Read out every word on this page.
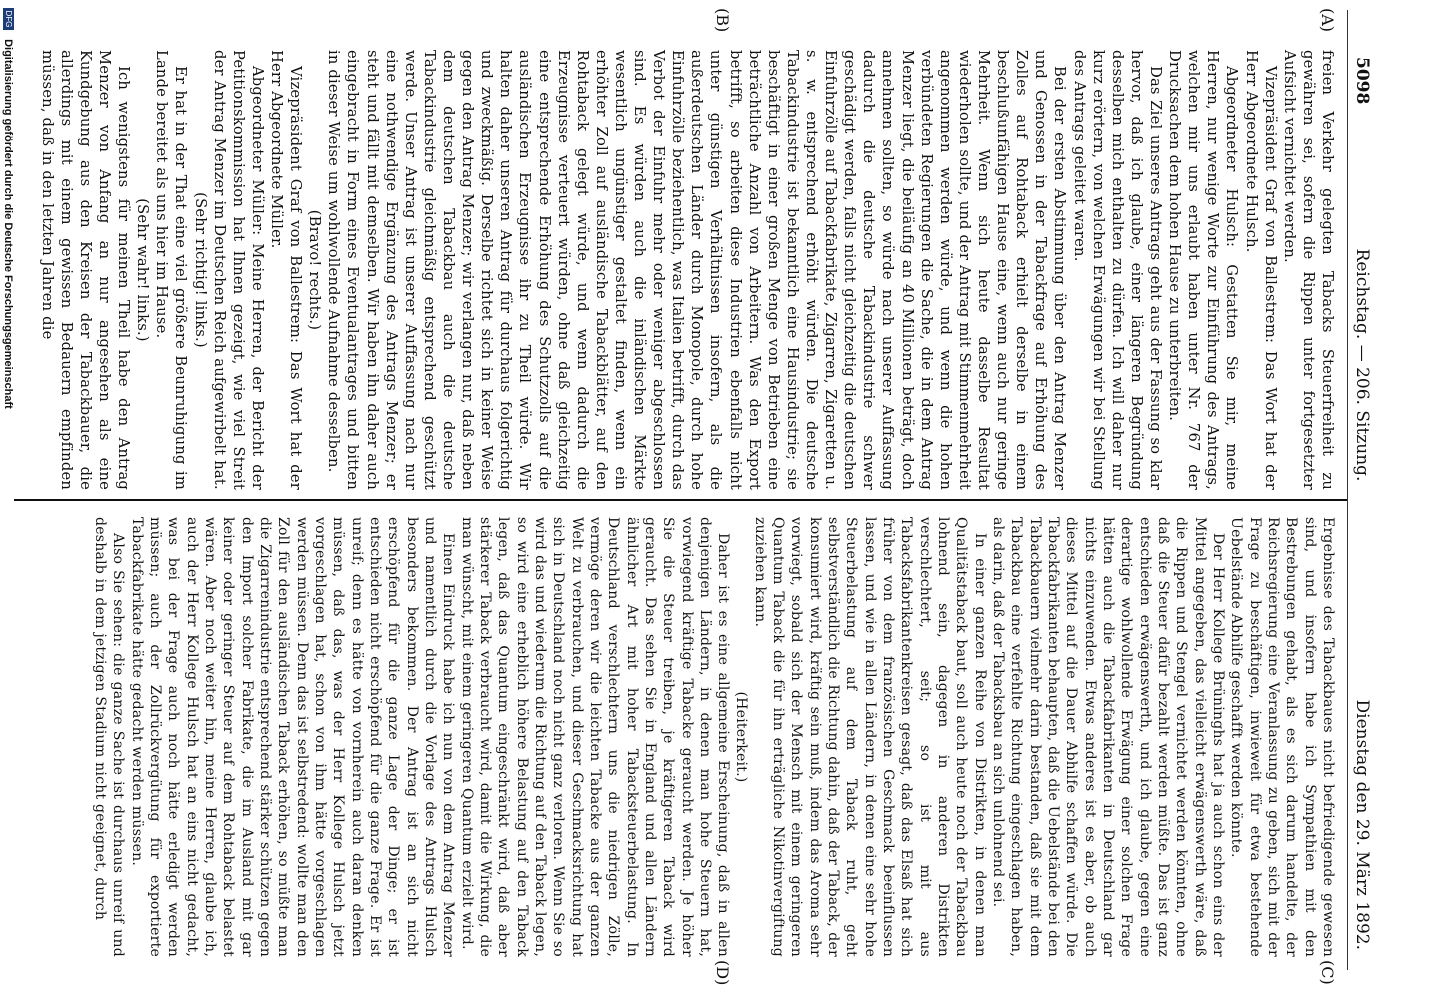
5098
Reichstag. — 206. Sitzung.
Dienstag den 29. März 1892.
(A)
(B)
(C)
(D)

freien Verkehr gelegten Tabacks Steuerfreiheit zu gewähren sei, sofern die Rippen unter fortgesetzter Aufsicht vernichtet werden.

Vizepräsident Graf von Ballestrem: Das Wort hat der Herr Abgeordnete Hulsch.

Abgeordneter Hulsch: Gestatten Sie mir, meine Herren, nur wenige Worte zur Einführung des Antrags, welchen mir uns erlaubt haben unter Nr. 767 der Drucksachen dem hohen Hause zu unterbreiten.

Das Ziel unseres Antrags geht aus der Fassung so klar hervor, daß ich glaube, einer längeren Begründung desselben mich enthalten zu dürfen. Ich will daher nur kurz erörtern, von welchen Erwägungen wir bei Stellung des Antrags geleitet waren.

Bei der ersten Abstimmung über den Antrag Menzer und Genossen in der Tabackfrage auf Erhöhung des Zolles auf Rohtaback erhielt derselbe in einem beschlußunfähigen Hause eine, wenn auch nur geringe Mehrheit. Wenn sich heute dasselbe Resultat wiederholen sollte, und der Antrag mit Stimmenmehrheit angenommen werden würde, und wenn die hohen verbündeten Regierungen die Sache, die in dem Antrag Menzer liegt, die beiläufig an 40 Millionen beträgt, doch annehmen sollten, so würde nach unserer Auffassung dadurch die deutsche Tabackindustrie schwer geschädigt werden, falls nicht gleichzeitig die deutschen Einfuhrzölle auf Tabackfabrikate, Zigarren, Zigaretten u. s. w. entsprechend erhöht würden. Die deutsche Tabackindustrie ist bekanntlich eine Hausindustrie; sie beschäftigt in einer großen Menge von Betrieben eine beträchtliche Anzahl von Arbeitern. Was den Export betrifft, so arbeiten diese Industrien ebenfalls nicht unter günstigen Verhältnissen insofern, als die außerdeutschen Länder durch Monopole, durch hohe Einfuhrzölle beziehentlich, was Italien betrifft, durch das Verbot der Einfuhr mehr oder weniger abgeschlossen sind. Es würden auch die inländischen Märkte wesentlich ungünstiger gestaltet finden, wenn ein erhöhter Zoll auf ausländische Tabackblätter, auf den Rohtaback gelegt würde, und wenn dadurch die Erzeugnisse verteuert würden, ohne daß gleichzeitig eine entsprechende Erhöhung des Schutzzolls auf die ausländischen Erzeugnisse ihr zu Theil würde. Wir halten daher unseren Antrag für durchaus folgerichtig und zweckmäßig. Derselbe richtet sich in keiner Weise gegen den Antrag Menzer; wir verlangen nur, daß neben dem deutschen Tabackbau auch die deutsche Tabackindustrie gleichmäßig entsprechend geschützt werde. Unser Antrag ist unserer Auffassung nach nur eine nothwendige Ergänzung des Antrags Menzer; er steht und fällt mit demselben. Wir haben ihn daher auch eingebracht in Form eines Eventualantrages und bitten in dieser Weise um wohlwollende Aufnahme desselben.

(Bravo! rechts.)

Vizepräsident Graf von Ballestrem: Das Wort hat der Herr Abgeordnete Müller.

Abgeordneter Müller: Meine Herren, der Bericht der Petitionskommission hat Ihnen gezeigt, wie viel Streit der Antrag Menzer im Deutschen Reich aufgewirbelt hat.

(Sehr richtig! links.)

Er hat in der That eine viel größere Beunruhigung im Lande bereitet als uns hier im Hause.

(Sehr wahr! links.)

Ich wenigstens für meinen Theil habe den Antrag Menzer von Anfang an nur angesehen als eine Kundgebung aus den Kreisen der Tabackbauer, die allerdings mit einem gewissen Bedauern empfinden müssen, daß in den letzten Jahren die

Ergebnisse des Tabackbaues nicht befriedigende gewesen sind, und insofern habe ich Sympathien mit den Bestrebungen gehabt, als es sich darum handelte, der Reichsregierung eine Veranlassung zu geben, sich mit der Frage zu beschäftigen, inwieweit für etwa bestehende Uebelstände Abhilfe geschafft werden könnte.

Der Herr Kollege Brüninghs hat ja auch schon eins der Mittel angegeben, das vielleicht erwägenswerth wäre, daß die Rippen und Stengel vernichtet werden könnten, ohne daß die Steuer dafür bezahlt werden müßte. Das ist ganz entschieden erwägenswerth, und ich glaube, gegen eine derartige wohlwollende Erwägung einer solchen Frage hätten auch die Tabackfabrikanten in Deutschland gar nichts einzuwenden. Etwas anderes ist es aber, ob auch dieses Mittel auf die Dauer Abhilfe schaffen würde. Die Tabackfabrikanten behaupten, daß die Uebelstände bei den Tabackbauern vielmehr darin bestanden, daß sie mit dem Tabackbau eine verfehlte Richtung eingeschlagen haben, als darin, daß der Tabacksbau an sich unlohnend sei.

In einer ganzen Reihe von Distrikten, in denen man Qualitätstaback baut, soll auch heute noch der Tabackbau lohnend sein, dagegen in anderen Distrikten verschlechtert, seit; so ist mit aus Tabacksfabrikantenkreisen gesagt, daß das Elsaß hat sich früher von dem französischen Geschmack beeinflussen lassen, und wie in allen Ländern, in denen eine sehr hohe Steuerbelastung auf dem Taback ruht, geht selbstverständlich die Richtung dahin, daß der Taback, der konsumiert wird, kräftig sein muß, indem das Aroma sehr vorwiegt, sobald sich der Mensch mit einem geringeren Quantum Taback die für ihn erträgliche Nikotinvergiftung zuziehen kann.

(Heiterkeit.)

Daher ist es eine allgemeine Erscheinung, daß in allen denjenigen Ländern, in denen man hohe Steuern hat, vorwiegend kräftige Tabacke geraucht werden. Je höher Sie die Steuer treiben, je kräftigeren Taback wird geraucht. Das sehen Sie in England und allen Ländern ähnlicher Art mit hoher Tabacksteuerbelastung. In Deutschland verschlechtern uns die niedrigen Zölle, vermöge deren wir die leichten Tabacke aus der ganzen Welt zu verbrauchen, und dieser Geschmacksrichtung hat sich in Deutschland noch nicht ganz verloren. Wenn Sie so wird das und wiederum die Richtung auf den Taback legen, so wird eine erheblich höhere Belastung auf den Taback legen, daß das Quantum eingeschränkt wird, daß aber stärkerer Taback verbraucht wird, damit die Wirkung, die man wünscht, mit einem geringeren Quantum erzielt wird.

Einen Eindruck habe ich nun von dem Antrag Menzer und namentlich durch die Vorlage des Antrags Hulsch besonders bekommen. Der Antrag ist an sich nicht erschöpfend für die ganze Lage der Dinge; er ist entschieden nicht erschöpfend für die ganze Frage. Er ist unreif; denn es hätte von vornherein auch daran denken müssen, daß das, was der Herr Kollege Hulsch jetzt vorgeschlagen hat, schon von ihm hätte vorgeschlagen werden müssen. Denn das ist selbstredend: wollte man den Zoll für den ausländischen Taback erhöhen, so müßte man die Zigarrenindustrie entsprechend stärker schützen gegen den Import solcher Fabrikate, die im Ausland mit gar keiner oder geringer Steuer auf dem Rohtaback belastet wären. Aber noch weiter hin, meine Herren, glaube ich, auch der Herr Kollege Hulsch hat an eins nicht gedacht, was bei der Frage auch noch hätte erledigt werden müssen; auch der Zollrückvergütung für exportierte Tabackfabrikate hätte gedacht werden müssen.

Also Sie sehen: die ganze Sache ist durchaus unreif und deshalb in dem jetzigen Stadium nicht geeignet, durch

DFG Digitalisierung gefördert durch die Deutsche Forschungsgemeinschaft
